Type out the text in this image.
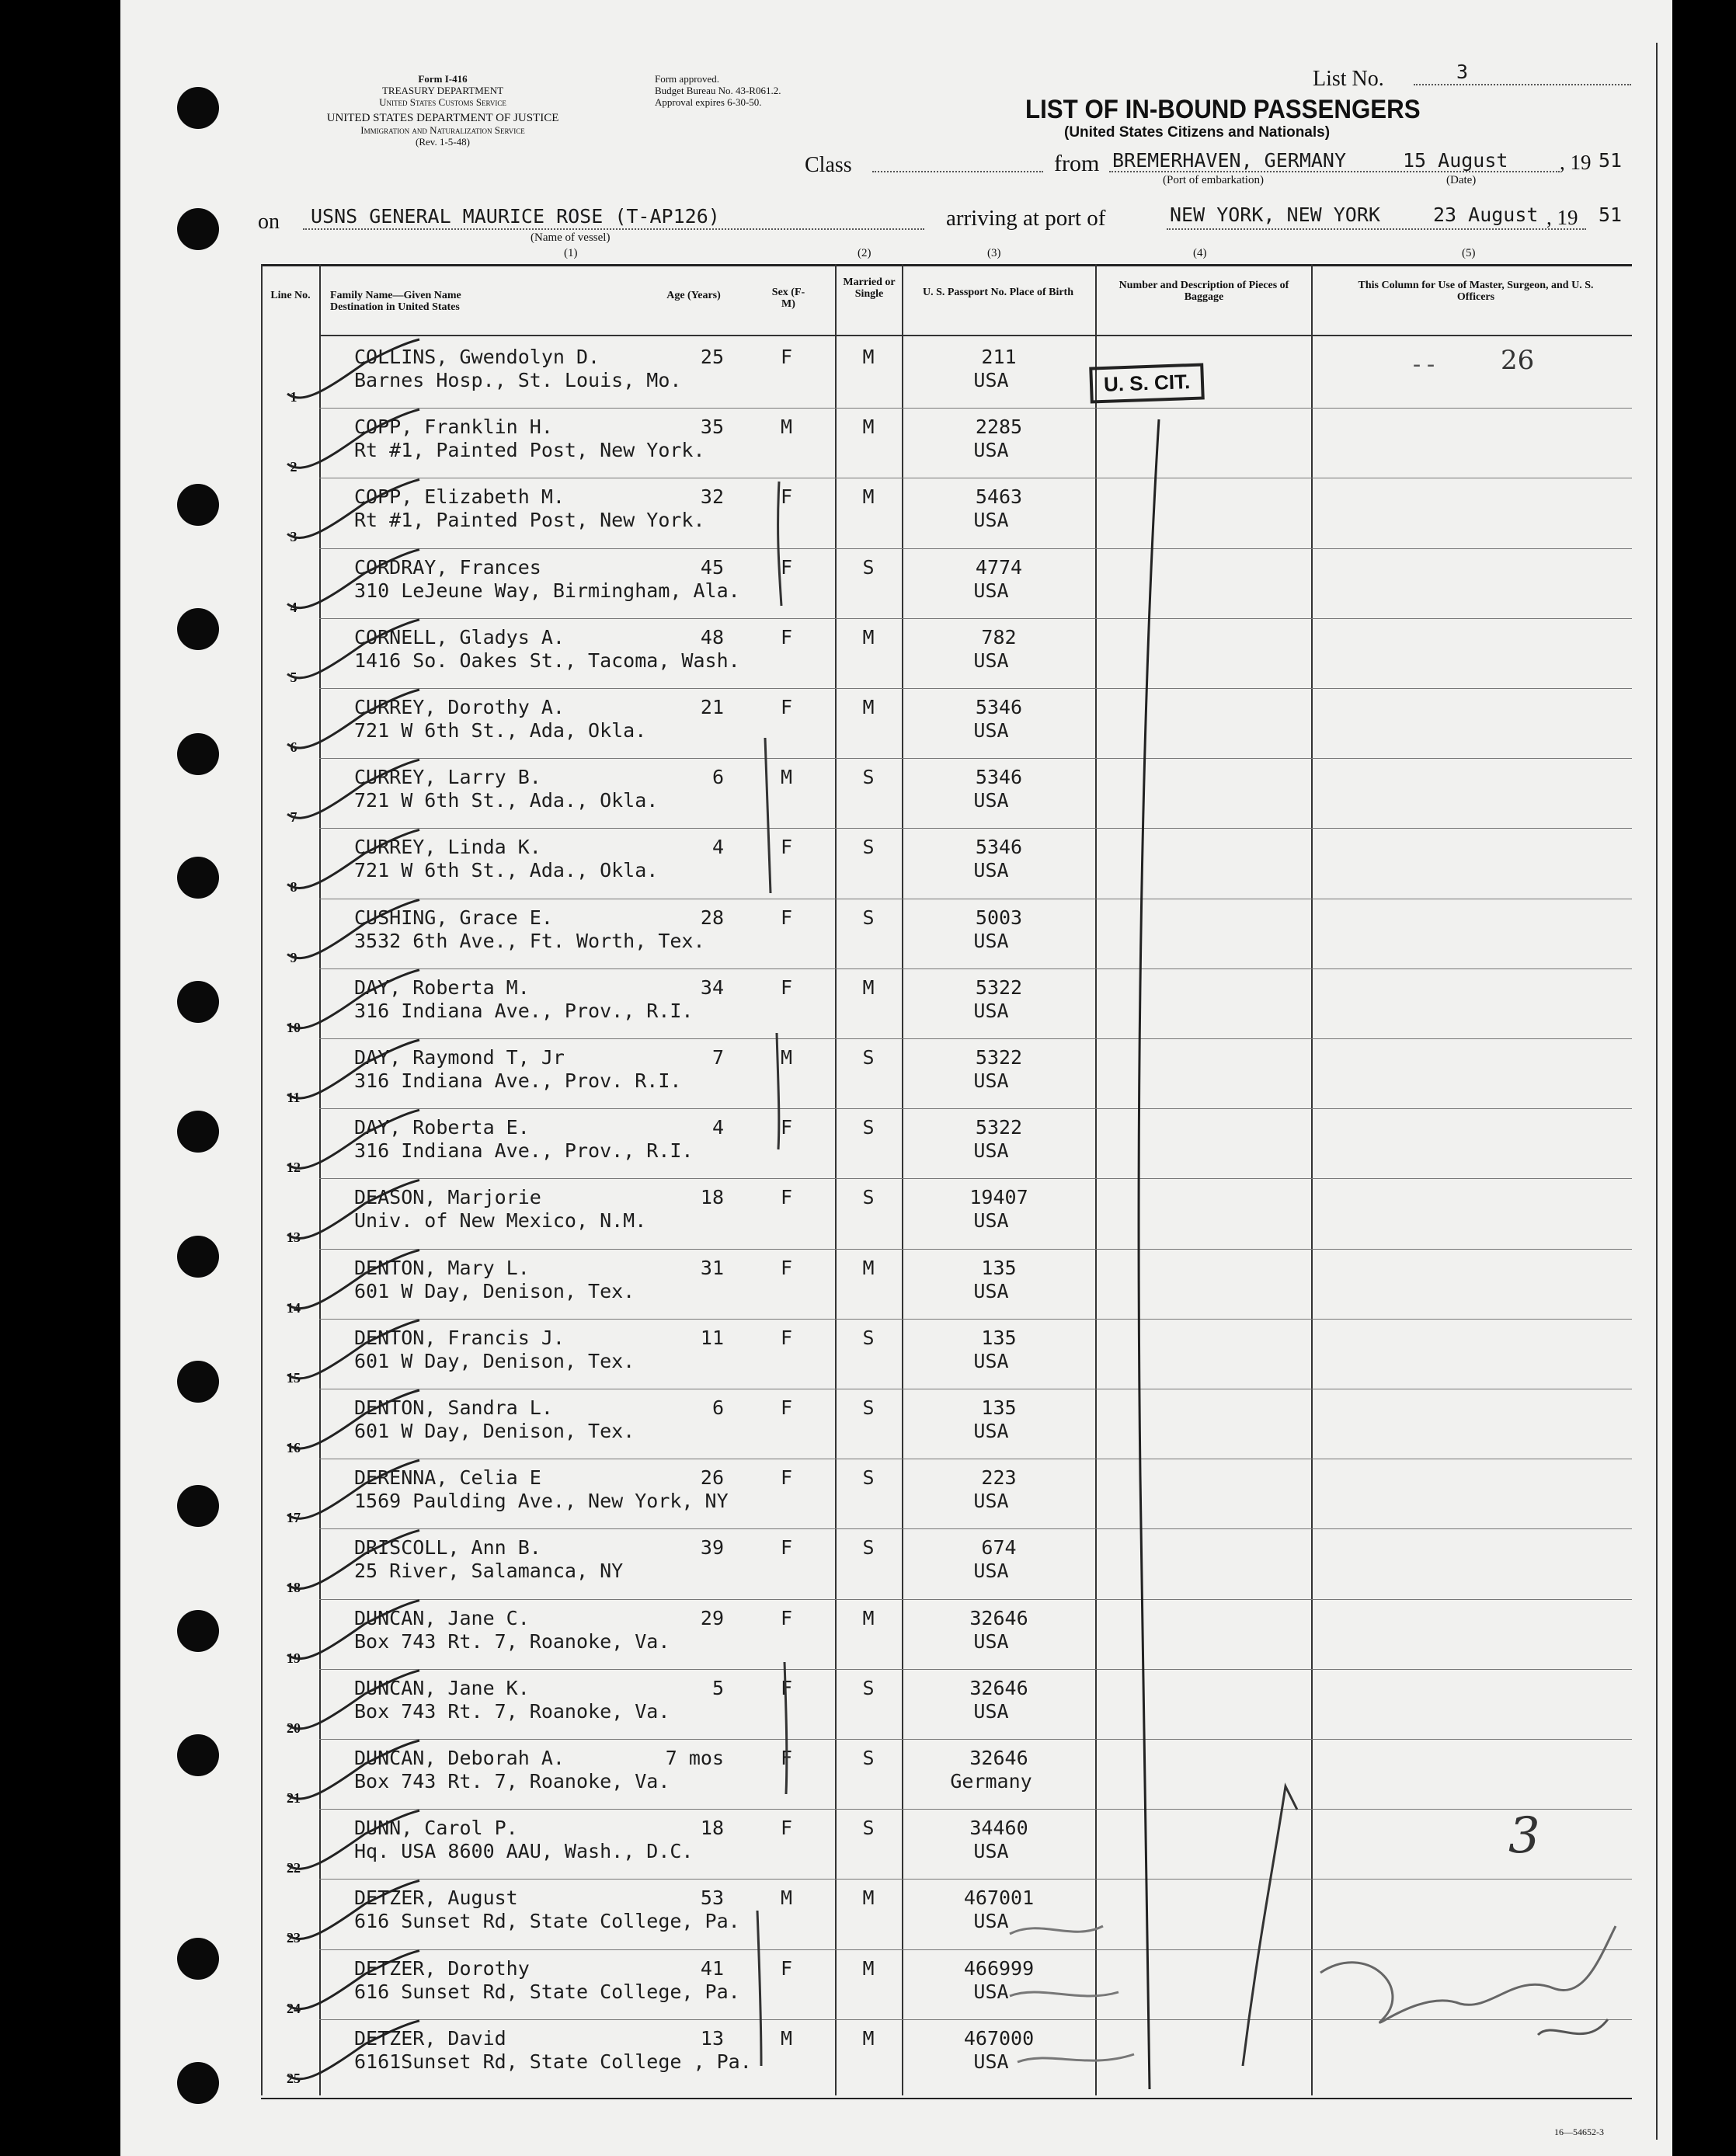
Form I-416
TREASURY DEPARTMENT
United States Customs Service
UNITED STATES DEPARTMENT OF JUSTICE
Immigration and Naturalization Service
(Rev. 1-5-48)
Form approved.
Budget Bureau No. 43-R061.2.
Approval expires 6-30-50.
List No.	3
LIST OF IN-BOUND PASSENGERS
(United States Citizens and Nationals)
Class	from BREMERHAVEN, GERMANY	15 August , 19 51
(Port of embarkation)	(Date)
on USNS GENERAL MAURICE ROSE (T-AP126)
(Name of vessel)
(1)
arriving at port of	NEW YORK, NEW YORK	23 August , 19 51
(2)	(3)	(4)	(5)
Line No.	Family Name—Given Name
Destination in United States
Age (Years)	Sex (F-M)
Married or Single	U. S. Passport No. Place of Birth
Number and Description of Pieces of Baggage
This Column for Use of Master, Surgeon, and U. S. Officers
1
COLLINS, Gwendolyn D.
Barnes Hosp., St. Louis, Mo.
25	F	M	211
USA
2
COPP, Franklin H.
Rt #1, Painted Post, New York.
35	M	M	2285
USA
3
COPP, Elizabeth M.
Rt #1, Painted Post, New York.
32	F	M	5463
USA
4
CORDRAY, Frances
310 LeJeune Way, Birmingham, Ala.
45	F	S	4774
USA
5
CORNELL, Gladys A.
1416 So. Oakes St., Tacoma, Wash.
48	F	M	782
USA
6
CURREY, Dorothy A.
721 W 6th St., Ada, Okla.
21	F	M	5346
USA
7
CURREY, Larry B.
721 W 6th St., Ada., Okla.
6	M	S	5346
USA
8
CURREY, Linda K.
721 W 6th St., Ada., Okla.
4	F	S	5346
USA
9
CUSHING, Grace E.
3532 6th Ave., Ft. Worth, Tex.
28	F	S	5003
USA
10
DAY, Roberta M.
316 Indiana Ave., Prov., R.I.
34	F	M	5322
USA
11
DAY, Raymond T, Jr
316 Indiana Ave., Prov. R.I.
7	M	S	5322
USA
12
DAY, Roberta E.
316 Indiana Ave., Prov., R.I.
4	F	S	5322
USA
13
DEASON, Marjorie
Univ. of New Mexico, N.M.
18	F	S	19407
USA
14
DENTON, Mary L.
601 W Day, Denison, Tex.
31	F	M	135
USA
15
DENTON, Francis J.
601 W Day, Denison, Tex.
11	F	S	135
USA
16
DENTON, Sandra L.
601 W Day, Denison, Tex.
6	F	S	135
USA
17
DERENNA, Celia E
1569 Paulding Ave., New York, NY
26	F	S	223
USA
18
DRISCOLL, Ann B.
25 River, Salamanca, NY
39	F	S	674
USA
19
DUNCAN, Jane C.
Box 743 Rt. 7, Roanoke, Va.
29	F	M	32646
USA
20
DUNCAN, Jane K.
Box 743 Rt. 7, Roanoke, Va.
5	F	S	32646
USA
21
DUNCAN, Deborah A.
Box 743 Rt. 7, Roanoke, Va.
7 mos	F	S	32646
Germany
22
DUNN, Carol P.
Hq. USA 8600 AAU, Wash., D.C.
18	F	S	34460
USA
23
DETZER, August
616 Sunset Rd, State College, Pa.
53	M	M	467001
USA
24
DETZER, Dorothy
616 Sunset Rd, State College, Pa.
41	F	M	466999
USA
25
DETZER, David
6161Sunset Rd, State College , Pa.
13	M	M	467000
USA
U. S. CIT.
-- 26
3
16—54652-3
